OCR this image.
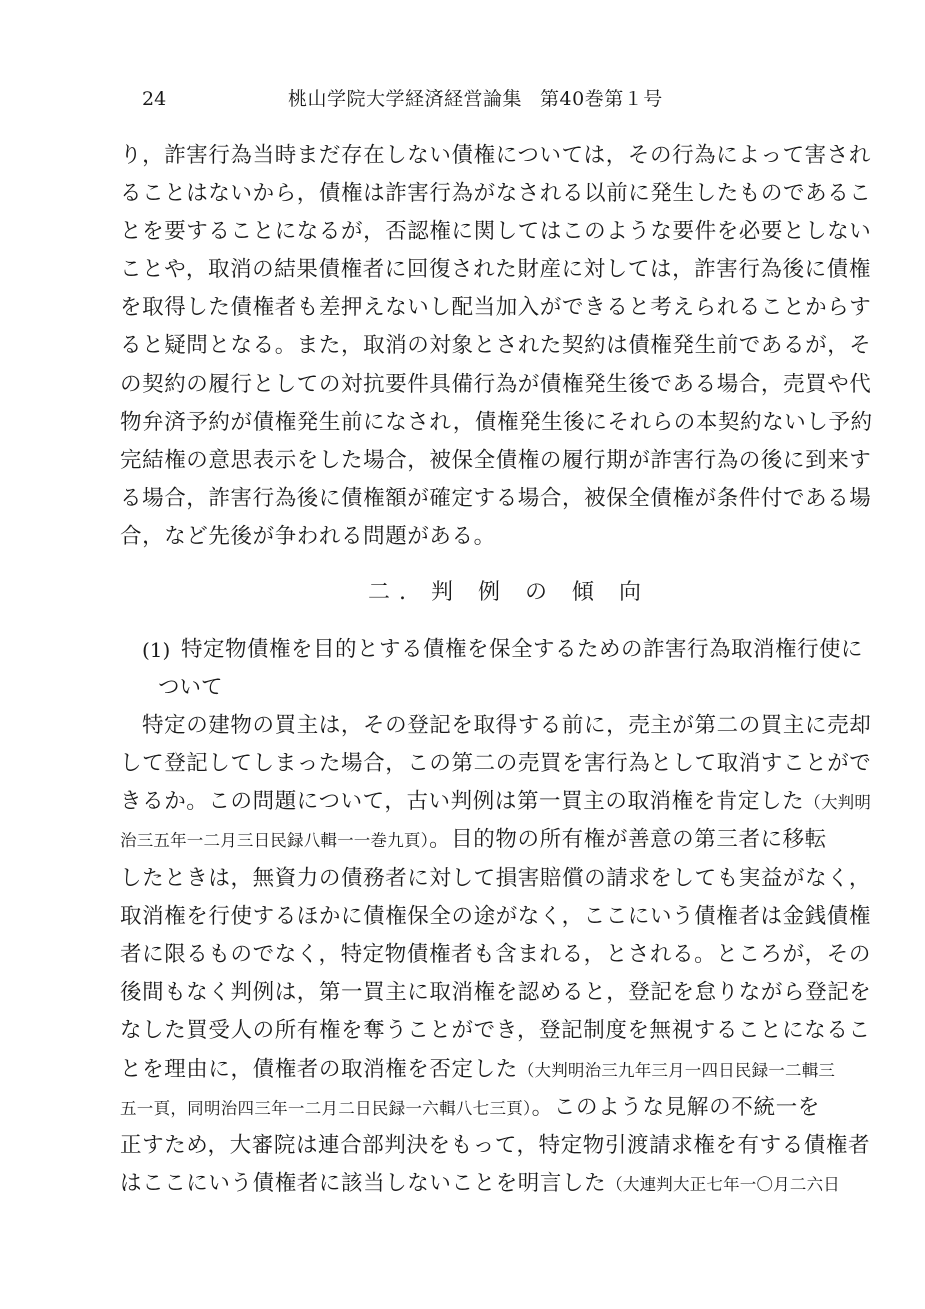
24	桃山学院大学経済経営論集 第40巻第１号
り，詐害行為当時まだ存在しない債権については，その行為によって害され
ることはないから，債権は詐害行為がなされる以前に発生したものであるこ
とを要することになるが，否認権に関してはこのような要件を必要としない
ことや，取消の結果債権者に回復された財産に対しては，詐害行為後に債権
を取得した債権者も差押えないし配当加入ができると考えられることからす
ると疑問となる。また，取消の対象とされた契約は債権発生前であるが，そ
の契約の履行としての対抗要件具備行為が債権発生後である場合，売買や代
物弁済予約が債権発生前になされ，債権発生後にそれらの本契約ないし予約
完結権の意思表示をした場合，被保全債権の履行期が詐害行為の後に到来す
る場合，詐害行為後に債権額が確定する場合，被保全債権が条件付である場
合，など先後が争われる問題がある。
二. 判 例 の 傾 向
(1) 特定物債権を目的とする債権を保全するための詐害行為取消権行使に
ついて
特定の建物の買主は，その登記を取得する前に，売主が第二の買主に売却
して登記してしまった場合，この第二の売買を害行為として取消すことがで
きるか。この問題について，古い判例は第一買主の取消権を肯定した（大判明
治三五年一二月三日民録八輯一一巻九頁）。目的物の所有権が善意の第三者に移転
したときは，無資力の債務者に対して損害賠償の請求をしても実益がなく，
取消権を行使するほかに債権保全の途がなく，ここにいう債権者は金銭債権
者に限るものでなく，特定物債権者も含まれる，とされる。ところが，その
後間もなく判例は，第一買主に取消権を認めると，登記を怠りながら登記を
なした買受人の所有権を奪うことができ，登記制度を無視することになるこ
とを理由に，債権者の取消権を否定した（大判明治三九年三月一四日民録一二輯三
五一頁，同明治四三年一二月二日民録一六輯八七三頁）。このような見解の不統一を
正すため，大審院は連合部判決をもって，特定物引渡請求権を有する債権者
はここにいう債権者に該当しないことを明言した（大連判大正七年一〇月二六日
